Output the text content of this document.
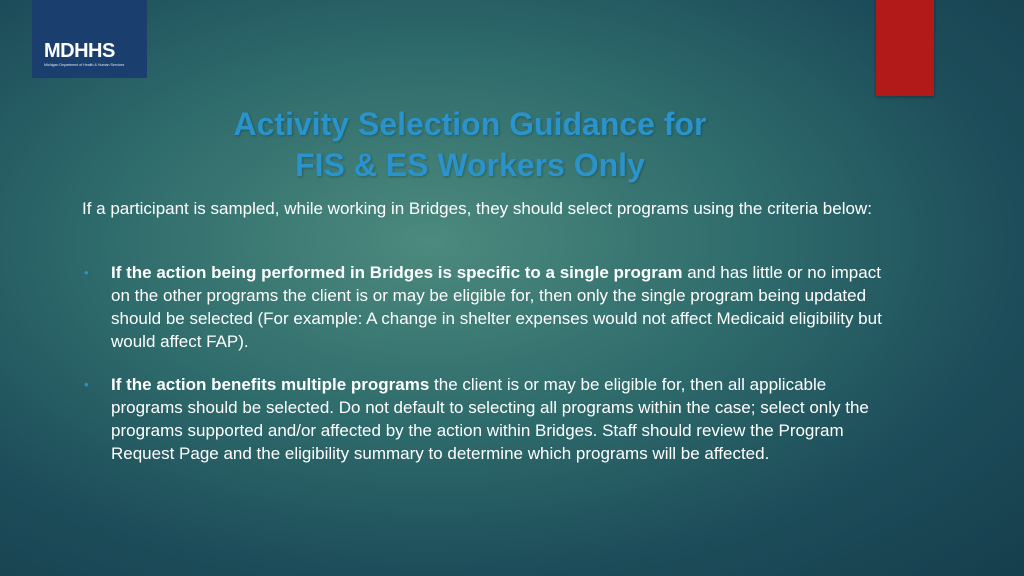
MDHHS
Michigan Department of Health & Human Services
Activity Selection Guidance for
FIS & ES Workers Only
If a participant is sampled, while working in Bridges, they should select programs using the criteria below:
• If the action being performed in Bridges is specific to a single program and has little or no impact on the other programs the client is or may be eligible for, then only the single program being updated should be selected (For example: A change in shelter expenses would not affect Medicaid eligibility but would affect FAP).
• If the action benefits multiple programs the client is or may be eligible for, then all applicable programs should be selected. Do not default to selecting all programs within the case; select only the programs supported and/or affected by the action within Bridges. Staff should review the Program Request Page and the eligibility summary to determine which programs will be affected.
